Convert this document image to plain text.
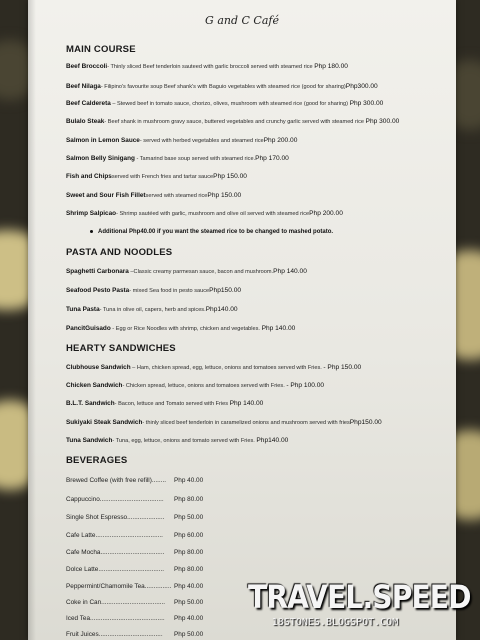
G and C Café
MAIN COURSE
Beef Broccoli- Thinly sliced Beef tenderloin sauteed with garlic broccoli served with steamed rice Php 180.00
Beef Nilaga- Filipino's favourite soup Beef shank's with Baguio vegetables with steamed rice (good for sharing)Php300.00
Beef Caldereta – Stewed beef in tomato sauce, chorizo, olives, mushroom with steamed rice (good for sharing) Php 300.00
Bulalo Steak- Beef shank in mushroom gravy sauce, buttered vegetables and crunchy garlic served with steamed rice Php 300.00
Salmon in Lemon Sauce- served with herbed vegetables and steamed ricePhp 200.00
Salmon Belly Sinigang - Tamarind base soup served with steamed rice.Php 170.00
Fish and Chipsserved with French fries and tartar saucePhp 150.00
Sweet and Sour Fish Filletserved with steamed ricePhp 150.00
Shrimp Salpicao- Shrimp sautéed with garlic, mushroom and olive oil served with steamed ricePhp 200.00
Additional Php40.00 if you want the steamed rice to be changed to mashed potato.
PASTA AND NOODLES
Spaghetti Carbonara –Classic creamy parmesan sauce, bacon and mushroom.Php 140.00
Seafood Pesto Pasta- mixed Sea food in pesto saucePhp150.00
Tuna Pasta- Tuna in olive oil, capers, herb and spices.Php140.00
PancitGuisado - Egg or Rice Noodles with shrimp, chicken and vegetables. Php 140.00
HEARTY SANDWICHES
Clubhouse Sandwich – Ham, chicken spread, egg, lettuce, onions and tomatoes served with Fries. - Php 150.00
Chicken Sandwich- Chicken spread, lettuce, onions and tomatoes served with Fries. - Php 100.00
B.L.T. Sandwich- Bacon, lettuce and Tomato served with Fries Php 140.00
Sukiyaki Steak Sandwich- thinly sliced beef tenderloin in caramelized onions and mushroom served with friesPhp150.00
Tuna Sandwich- Tuna, egg, lettuce, onions and tomato served with Fries. Php140.00
BEVERAGES
Brewed Coffee (with free refill)........ Php 40.00
Cappuccino.................................... Php 80.00
Single Shot Espresso..................... Php 50.00
Cafe Latte...................................... Php 60.00
Cafe Mocha.................................... Php 80.00
Dolce Latte..................................... Php 80.00
Peppermint/Chamomile Tea............... Php 40.00
Coke in Can.................................... Php 50.00
Iced Tea.......................................... Php 40.00
Fruit Juices.................................... Php 50.00
TRAVEL.SPEED
18STONES.BLOGSPOT.COM
